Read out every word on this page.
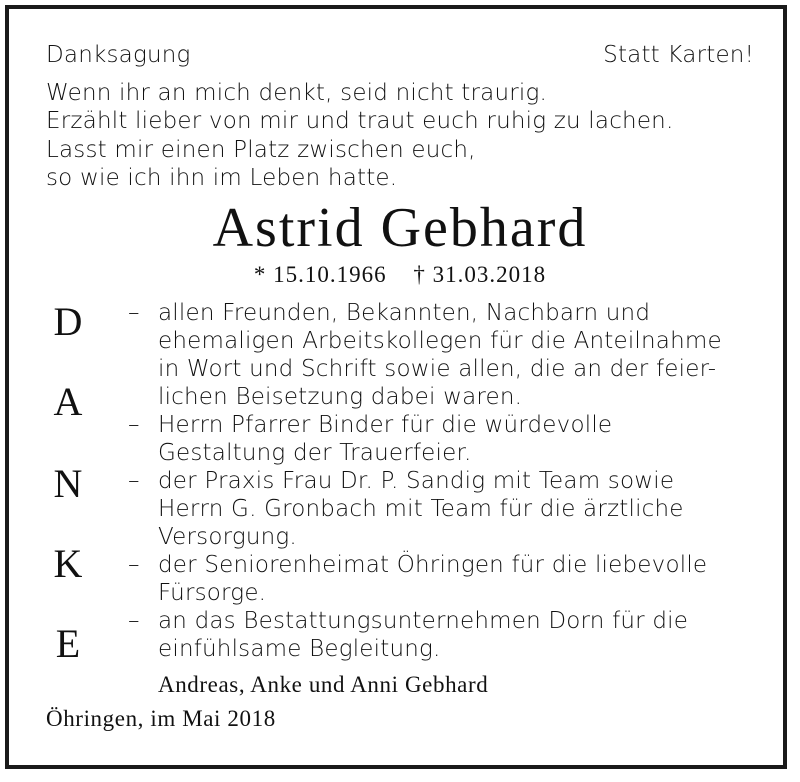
Danksagung	Statt Karten!
Wenn ihr an mich denkt, seid nicht traurig.
Erzählt lieber von mir und traut euch ruhig zu lachen.
Lasst mir einen Platz zwischen euch,
so wie ich ihn im Leben hatte.
Astrid Gebhard
* 15.10.1966 † 31.03.2018
D
A
N
K
E
– allen Freunden, Bekannten, Nachbarn und
ehemaligen Arbeitskollegen für die Anteilnahme
in Wort und Schrift sowie allen, die an der feier-
lichen Beisetzung dabei waren.
– Herrn Pfarrer Binder für die würdevolle
Gestaltung der Trauerfeier.
– der Praxis Frau Dr. P. Sandig mit Team sowie
Herrn G. Gronbach mit Team für die ärztliche
Versorgung.
– der Seniorenheimat Öhringen für die liebevolle
Fürsorge.
– an das Bestattungsunternehmen Dorn für die
einfühlsame Begleitung.
Andreas, Anke und Anni Gebhard
Öhringen, im Mai 2018
